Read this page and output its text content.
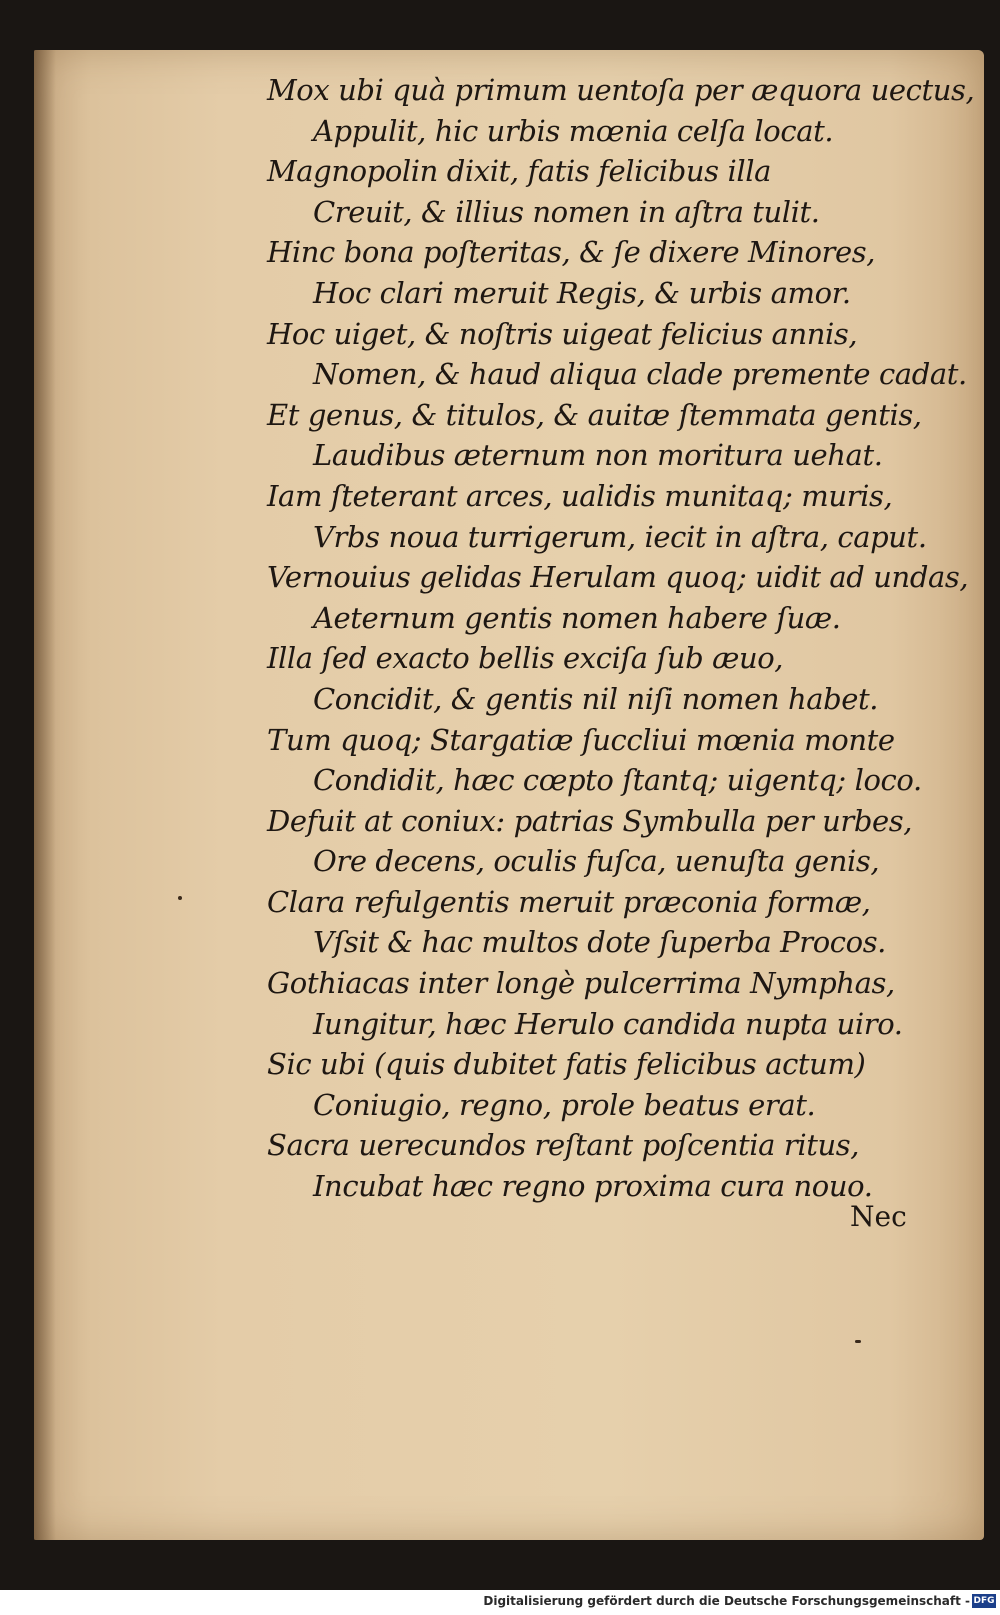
Mox ubi quà primum uentoſa per æquora uectus,
Appulit, hic urbis mœnia celſa locat.
Magnopolin dixit, fatis felicibus illa
Creuit, & illius nomen in aſtra tulit.
Hinc bona poſteritas, & ſe dixere Minores,
Hoc clari meruit Regis, & urbis amor.
Hoc uiget, & noſtris uigeat felicius annis,
Nomen, & haud aliqua clade premente cadat.
Et genus, & titulos, & auitæ ſtemmata gentis,
Laudibus æternum non moritura uehat.
Iam ſteterant arces, ualidis munitaq; muris,
Vrbs noua turrigerum, iecit in aſtra, caput.
Vernouius gelidas Herulam quoq; uidit ad undas,
Aeternum gentis nomen habere ſuæ.
Illa ſed exacto bellis exciſa ſub æuo,
Concidit, & gentis nil niſi nomen habet.
Tum quoq; Stargatiæ ſuccliui mœnia monte
Condidit, hæc cœpto ſtantq; uigentq; loco.
Defuit at coniux: patrias Symbulla per urbes,
Ore decens, oculis fuſca, uenuſta genis,
Clara refulgentis meruit præconia formæ,
Vſsit & hac multos dote ſuperba Procos.
Gothiacas inter longè pulcerrima Nymphas,
Iungitur, hæc Herulo candida nupta uiro.
Sic ubi (quis dubitet fatis felicibus actum)
Coniugio, regno, prole beatus erat.
Sacra uerecundos reſtant poſcentia ritus,
Incubat hæc regno proxima cura nouo.
Nec
Digitalisierung gefördert durch die Deutsche Forschungsgemeinschaft - DFG
